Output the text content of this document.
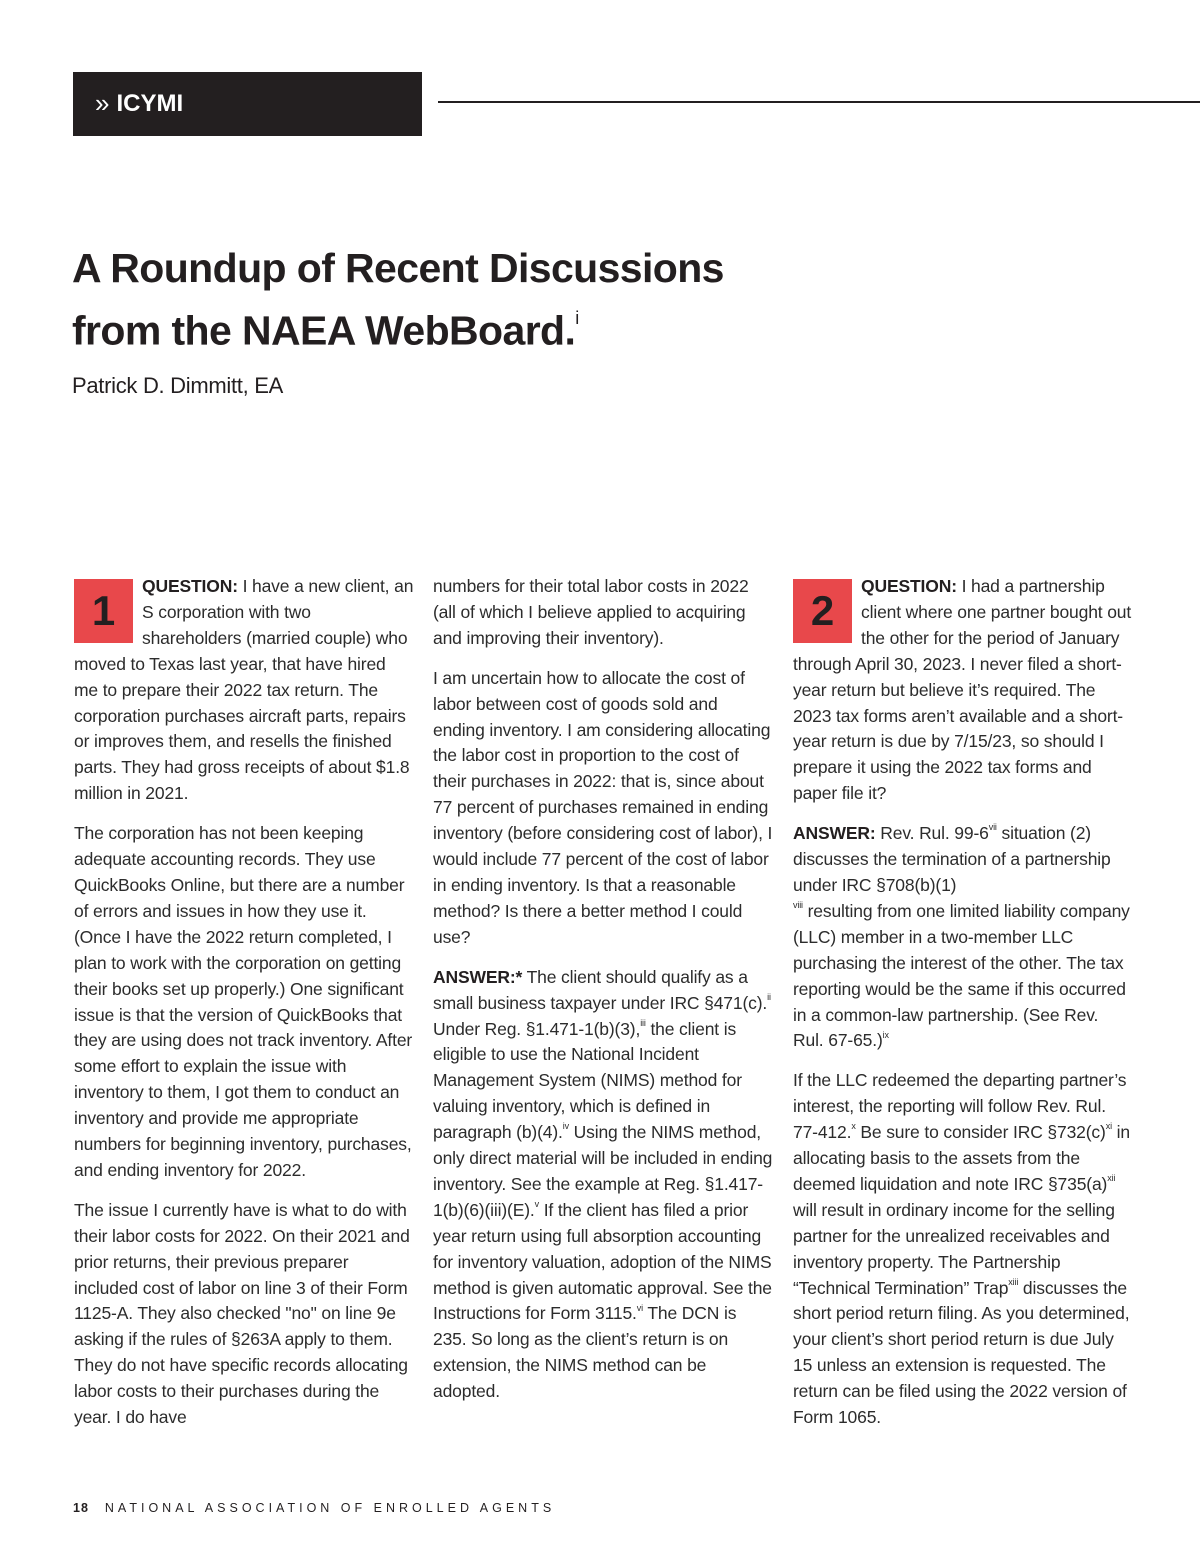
» ICYMI
A Roundup of Recent Discussions
from the NAEA WebBoard.$^i$
Patrick D. Dimmitt, EA

1
QUESTION: I have a new client, an S corporation with two shareholders (married couple) who moved to Texas last year, that have hired me to prepare their 2022 tax return. The corporation purchases aircraft parts, repairs or improves them, and resells the finished parts. They had gross receipts of about $1.8 million in 2021.

The corporation has not been keeping adequate accounting records. They use QuickBooks Online, but there are a number of errors and issues in how they use it. (Once I have the 2022 return completed, I plan to work with the corporation on getting their books set up properly.) One significant issue is that the version of QuickBooks that they are using does not track inventory. After some effort to explain the issue with inventory to them, I got them to conduct an inventory and provide me appropriate numbers for beginning inventory, purchases, and ending inventory for 2022.

The issue I currently have is what to do with their labor costs for 2022. On their 2021 and prior returns, their previous preparer included cost of labor on line 3 of their Form 1125-A. They also checked "no" on line 9e asking if the rules of §263A apply to them. They do not have specific records allocating labor costs to their purchases during the year. I do have

numbers for their total labor costs in 2022 (all of which I believe applied to acquiring and improving their inventory).

I am uncertain how to allocate the cost of labor between cost of goods sold and ending inventory. I am considering allocating the labor cost in proportion to the cost of their purchases in 2022: that is, since about 77 percent of purchases remained in ending inventory (before considering cost of labor), I would include 77 percent of the cost of labor in ending inventory. Is that a reasonable method? Is there a better method I could use?

ANSWER:* The client should qualify as a small business taxpayer under IRC §471(c).$^{ii}$ Under Reg. §1.471-1(b)(3),$^{iii}$ the client is eligible to use the National Incident Management System (NIMS) method for valuing inventory, which is defined in paragraph (b)(4).$^{iv}$ Using the NIMS method, only direct material will be included in ending inventory. See the example at Reg. §1.417-1(b)(6)(iii)(E).$^v$ If the client has filed a prior year return using full absorption accounting for inventory valuation, adoption of the NIMS method is given automatic approval. See the Instructions for Form 3115.$^{vi}$ The DCN is 235. So long as the client’s return is on extension, the NIMS method can be adopted.

2
QUESTION: I had a partnership client where one partner bought out the other for the period of January through April 30, 2023. I never filed a short-year return but believe it’s required. The 2023 tax forms aren’t available and a short-year return is due by 7/15/23, so should I prepare it using the 2022 tax forms and paper file it?

ANSWER: Rev. Rul. 99-6$^{vii}$ situation (2) discusses the termination of a partnership under IRC §708(b)(1)
$^{viii}$ resulting from one limited liability company (LLC) member in a two-member LLC purchasing the interest of the other. The tax reporting would be the same if this occurred in a common-law partnership. (See Rev. Rul. 67-65.)$^{ix}$

If the LLC redeemed the departing partner’s interest, the reporting will follow Rev. Rul. 77-412.$^x$ Be sure to consider IRC $\S 732(c)^{xi}$ in allocating basis to the assets from the deemed liquidation and note IRC $\S 735(a)^{xii}$ will result in ordinary income for the selling partner for the unrealized receivables and inventory property. The Partnership “Technical Termination” Trap$^{xiii}$ discusses the short period return filing. As you determined, your client’s short period return is due July 15 unless an extension is requested. The return can be filed using the 2022 version of Form 1065.

18 NATIONAL ASSOCIATION OF ENROLLED AGENTS
